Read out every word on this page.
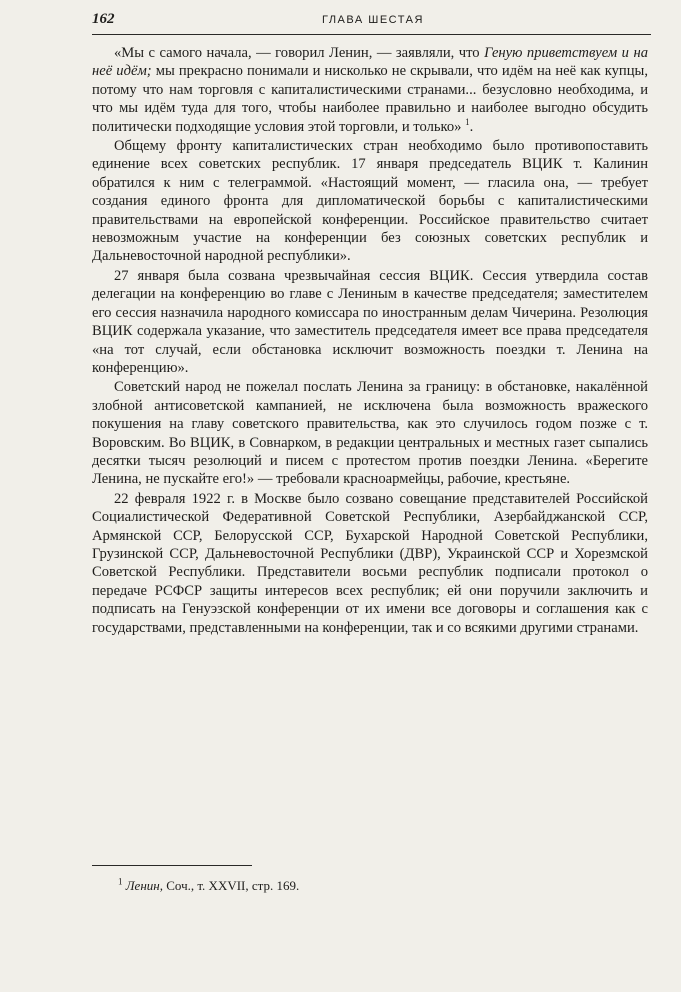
162	ГЛАВА ШЕСТАЯ

«Мы с самого начала, — говорил Ленин, — заявляли, что Геную приветствуем и на неё идём; мы прекрасно понимали и нисколько не скрывали, что идём на неё как купцы, потому что нам торговля с капиталистическими странами... безусловно необходима, и что мы идём туда для того, чтобы наиболее правильно и наиболее выгодно обсудить политически подходящие условия этой торговли, и только» $^1$.

Общему фронту капиталистических стран необходимо было противопоставить единение всех советских республик. 17 января председатель ВЦИК т. Калинин обратился к ним с телеграммой. «Настоящий момент, — гласила она, — требует создания единого фронта для дипломатической борьбы с капиталистическими правительствами на европейской конференции. Российское правительство считает невозможным участие на конференции без союзных советских республик и Дальневосточной народной республики».

27 января была созвана чрезвычайная сессия ВЦИК. Сессия утвердила состав делегации на конференцию во главе с Лениным в качестве председателя; заместителем его сессия назначила народного комиссара по иностранным делам Чичерина. Резолюция ВЦИК содержала указание, что заместитель председателя имеет все права председателя «на тот случай, если обстановка исключит возможность поездки т. Ленина на конференцию».

Советский народ не пожелал послать Ленина за границу: в обстановке, накалённой злобной антисоветской кампанией, не исключена была возможность вражеского покушения на главу советского правительства, как это случилось годом позже с т. Воровским. Во ВЦИК, в Совнарком, в редакции центральных и местных газет сыпались десятки тысяч резолюций и писем с протестом против поездки Ленина. «Берегите Ленина, не пускайте его!» — требовали красноармейцы, рабочие, крестьяне.

22 февраля 1922 г. в Москве было созвано совещание представителей Российской Социалистической Федеративной Советской Республики, Азербайджанской ССР, Армянской ССР, Белорусской ССР, Бухарской Народной Советской Республики, Грузинской ССР, Дальневосточной Республики (ДВР), Украинской ССР и Хорезмской Советской Республики. Представители восьми республик подписали протокол о передаче РСФСР защиты интересов всех республик; ей они поручили заключить и подписать на Генуэзской конференции от их имени все договоры и соглашения как с государствами, представленными на конференции, так и со всякими другими странами.

$^1$ Ленин, Соч., т. XXVII, стр. 169.
